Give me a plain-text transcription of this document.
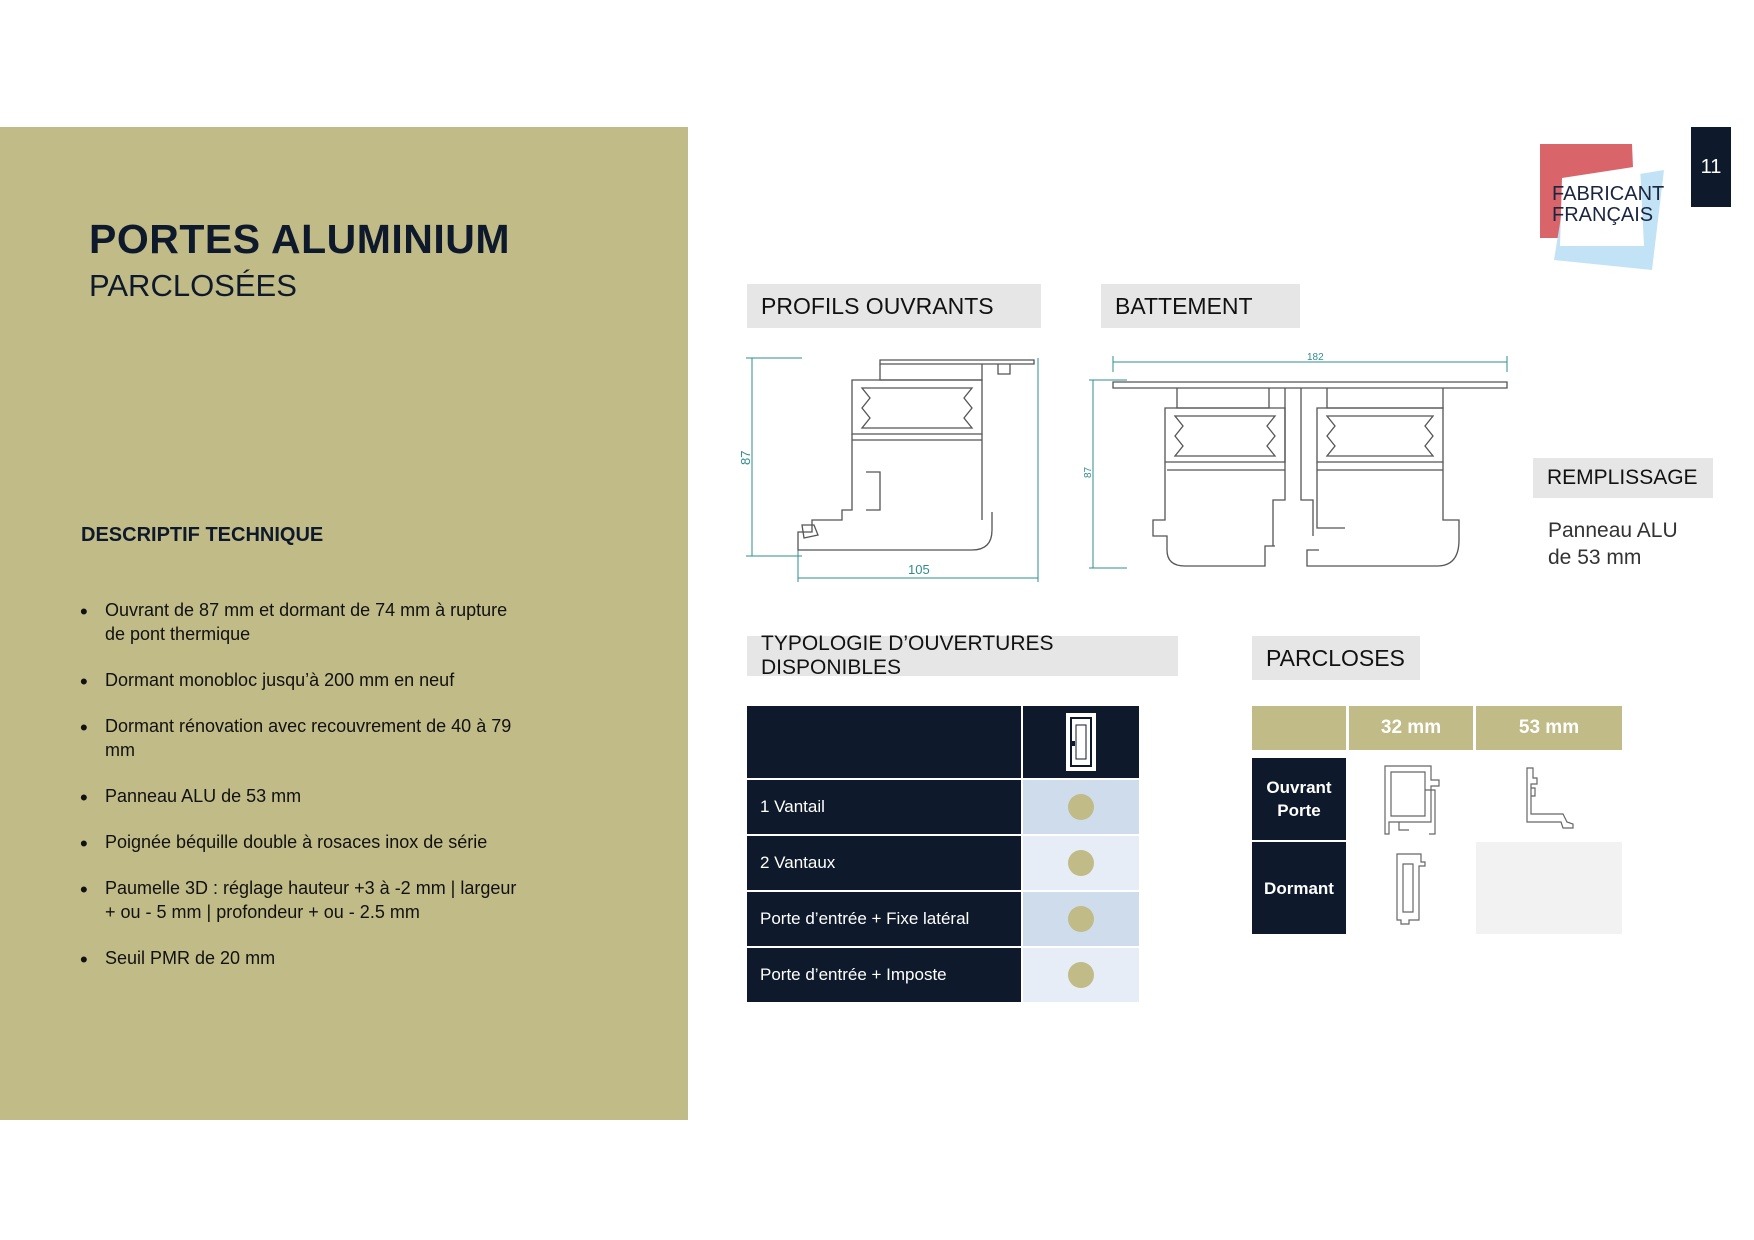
PORTES ALUMINIUM
PARCLOSÉES
DESCRIPTIF TECHNIQUE
• Ouvrant de 87 mm et dormant de 74 mm à rupture de pont thermique
• Dormant monobloc jusqu’à 200 mm en neuf
• Dormant rénovation avec recouvrement de 40 à 79 mm
• Panneau ALU de 53 mm
• Poignée béquille double à rosaces inox de série
• Paumelle 3D : réglage hauteur +3 à -2 mm | largeur + ou - 5 mm | profondeur + ou - 2.5 mm
• Seuil PMR de 20 mm
FABRICANT
FRANÇAIS
11
PROFILS OUVRANTS	BATTEMENT
REMPLISSAGE
TYPOLOGIE D’OUVERTURES DISPONIBLES	PARCLOSES
Panneau ALU
de 53 mm
87
105
182
87
1 Vantail
2 Vantaux
Porte d’entrée + Fixe latéral
Porte d’entrée + Imposte
32 mm	53 mm
Ouvrant Porte
Dormant
